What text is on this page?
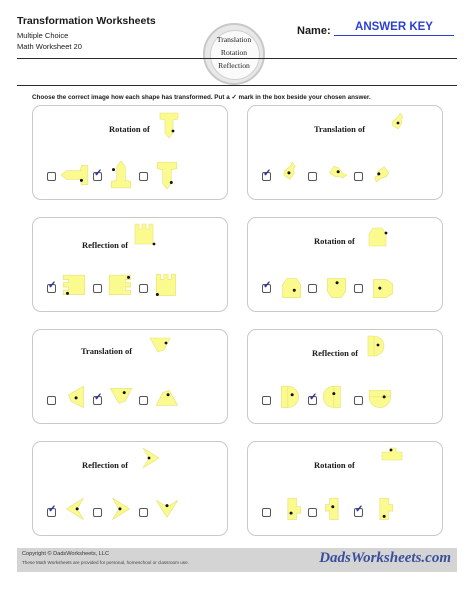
Transformation Worksheets
Multiple Choice
Math Worksheet 20
Translation
Rotation
Reflection
Name:	ANSWER KEY
Choose the correct image how each shape has transformed. Put a ✓ mark in the box beside your chosen answer.
Rotation of
✓
Translation of
✓
Reflection of
✓
Rotation of
✓
Translation of
✓
Reflection of
✓
Reflection of
✓
Rotation of
✓
Copyright © DadsWorksheets, LLC
These Math Worksheets are provided for personal, homeschool or classroom use.	DadsWorksheets.com
